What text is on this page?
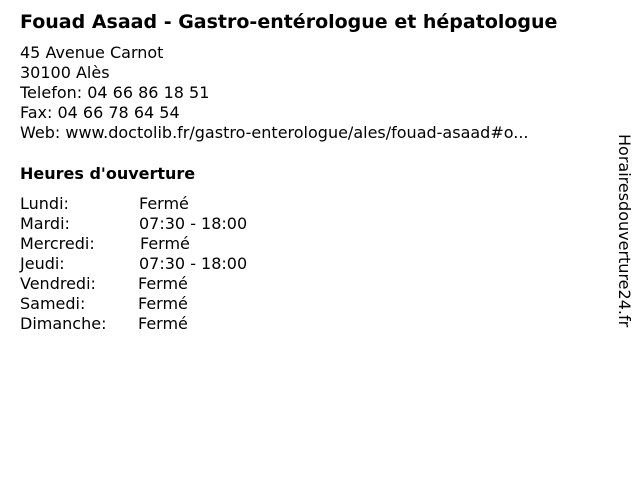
Fouad Asaad - Gastro-entérologue et hépatologue
45 Avenue Carnot
30100 Alès
Telefon: 04 66 86 18 51
Fax: 04 66 78 64 54
Web: www.doctolib.fr/gastro-enterologue/ales/fouad-asaad#o...
Heures d'ouverture
Lundi:	Fermé
Mardi:	07:30 - 18:00
Mercredi:	Fermé
Jeudi:	07:30 - 18:00
Vendredi:	Fermé
Samedi:	Fermé
Dimanche: Fermé	Horairesdouverture24.fr
